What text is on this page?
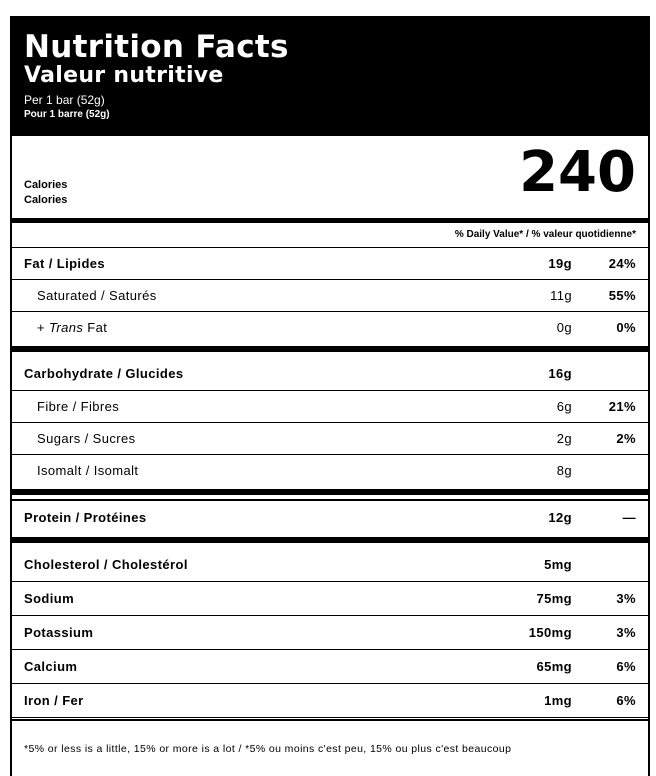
Nutrition Facts
Valeur nutritive
Per 1 bar (52g)
Pour 1 barre (52g)
Calories
Calories	240
% Daily Value* / % valeur quotidienne*
Fat / Lipides	19g	24%
Saturated / Saturés	11g	55%
+ Trans Fat	0g	0%
Carbohydrate / Glucides	16g
Fibre / Fibres	6g	21%
Sugars / Sucres	2g	2%
Isomalt / Isomalt	8g
Protein / Protéines	12g	—
Cholesterol / Cholestérol	5mg
Sodium	75mg	3%
Potassium	150mg	3%
Calcium	65mg	6%
Iron / Fer	1mg	6%
*5% or less is a little, 15% or more is a lot / *5% ou moins c'est peu, 15% ou plus c'est beaucoup
